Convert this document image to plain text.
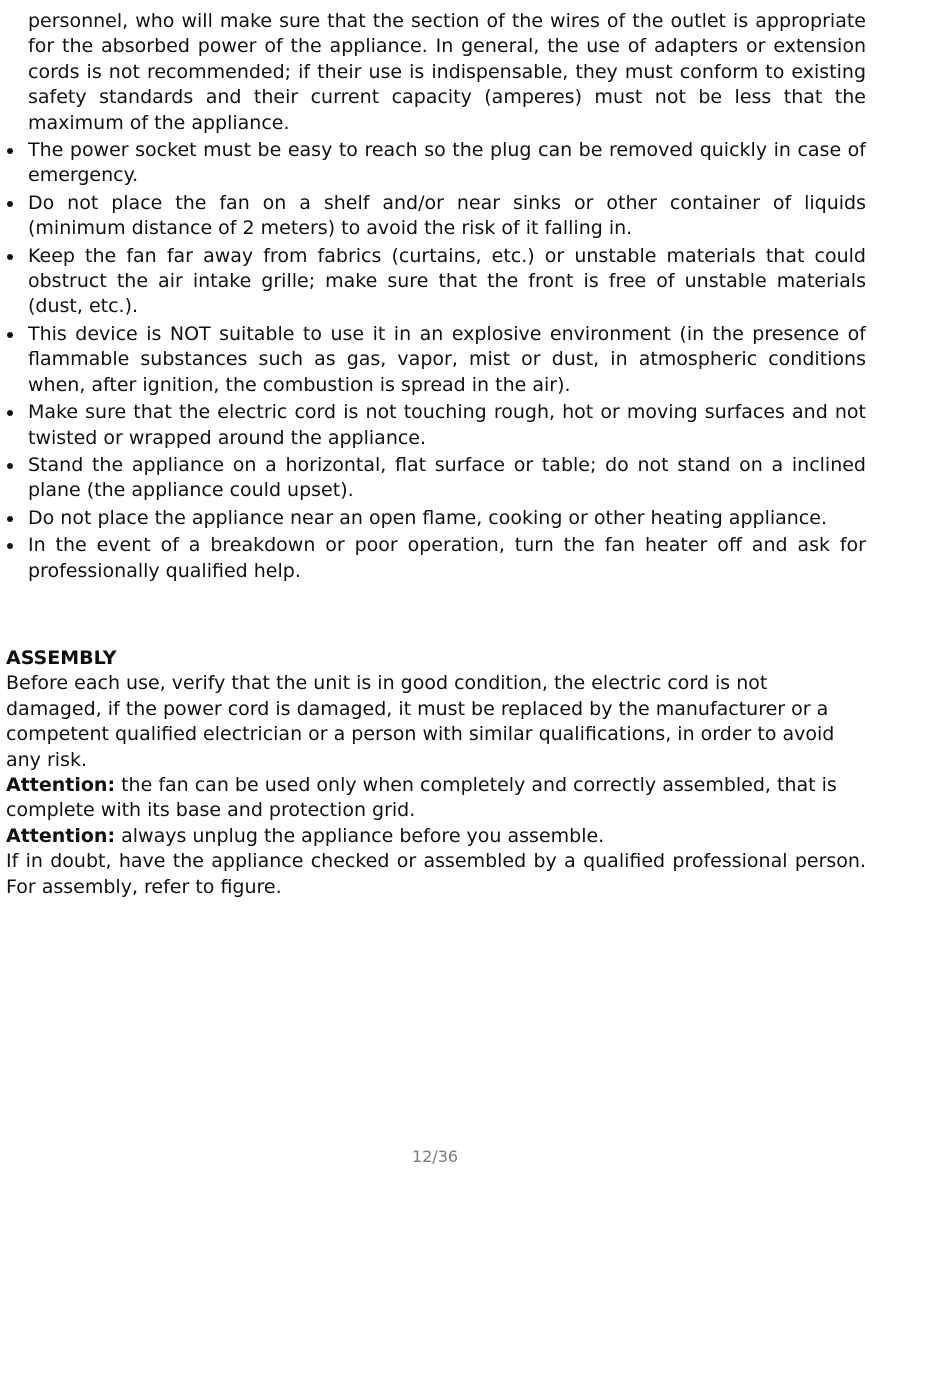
personnel, who will make sure that the section of the wires of the outlet is appropriate for the absorbed power of the appliance. In general, the use of adapters or extension cords is not recommended; if their use is indispensable, they must conform to existing safety standards and their current capacity (amperes) must not be less that the maximum of the appliance.

The power socket must be easy to reach so the plug can be removed quickly in case of emergency.
Do not place the fan on a shelf and/or near sinks or other container of liquids (minimum distance of 2 meters) to avoid the risk of it falling in.
Keep the fan far away from fabrics (curtains, etc.) or unstable materials that could obstruct the air intake grille; make sure that the front is free of unstable materials (dust, etc.).
This device is NOT suitable to use it in an explosive environment (in the presence of flammable substances such as gas, vapor, mist or dust, in atmospheric conditions when, after ignition, the combustion is spread in the air).
Make sure that the electric cord is not touching rough, hot or moving surfaces and not twisted or wrapped around the appliance.
Stand the appliance on a horizontal, flat surface or table; do not stand on a inclined plane (the appliance could upset).
Do not place the appliance near an open flame, cooking or other heating appliance.
In the event of a breakdown or poor operation, turn the fan heater off and ask for professionally qualified help.
ASSEMBLY

Before each use, verify that the unit is in good condition, the electric cord is not damaged, if the power cord is damaged, it must be replaced by the manufacturer or a competent qualified electrician or a person with similar qualifications, in order to avoid any risk.

Attention: the fan can be used only when completely and correctly assembled, that is complete with its base and protection grid.

Attention: always unplug the appliance before you assemble.

If in doubt, have the appliance checked or assembled by a qualified professional person. For assembly, refer to figure.

12/36
